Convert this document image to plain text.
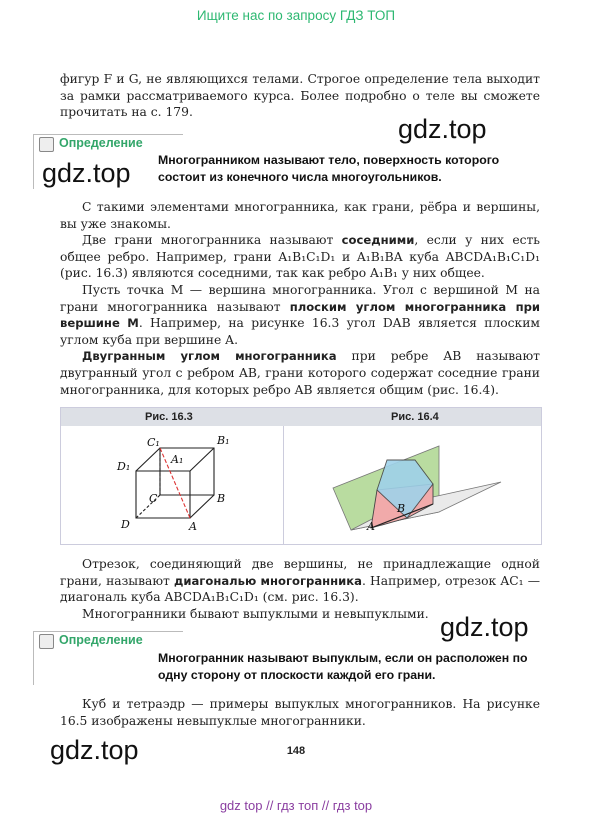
Ищите нас по запросу ГДЗ ТОП

фигур F и G, не являющихся телами. Строгое определение тела выходит за рамки рассматриваемого курса. Более подробно о теле вы сможете прочитать на с. 179.

gdz.top
Определение
Многогранником называют тело, поверхность которого состоит из конечного числа многоугольников.
gdz.top

С такими элементами многогранника, как грани, рёбра и вершины, вы уже знакомы.

Две грани многогранника называют соседними, если у них есть общее ребро. Например, грани A₁B₁C₁D₁ и A₁B₁BA куба ABCDA₁B₁C₁D₁ (рис. 16.3) являются соседними, так как ребро A₁B₁ у них общее.

Пусть точка M — вершина многогранника. Угол с вершиной M на грани многогранника называют плоским углом многогранника при вершине M. Например, на рисунке 16.3 угол DAB является плоским углом куба при вершине A.

Двугранным углом многогранника при ребре AB называют двугранный угол с ребром AB, грани которого содержат соседние грани многогранника, для которых ребро AB является общим (рис. 16.4).

Рис. 16.3	Рис. 16.4
C₁	B₁
D₁
A₁
C	B
D	A
B
A

Отрезок, соединяющий две вершины, не принадлежащие одной грани, называют диагональю многогранника. Например, отрезок AC₁ — диагональ куба ABCDA₁B₁C₁D₁ (см. рис. 16.3).

Многогранники бывают выпуклыми и невыпуклыми. gdz.top
Определение
Многогранник называют выпуклым, если он расположен по одну сторону от плоскости каждой его грани.

Куб и тетраэдр — примеры выпуклых многогранников. На рисунке 16.5 изображены невыпуклые многогранники.

gdz.top	148
gdz top // гдз топ // гдз top
